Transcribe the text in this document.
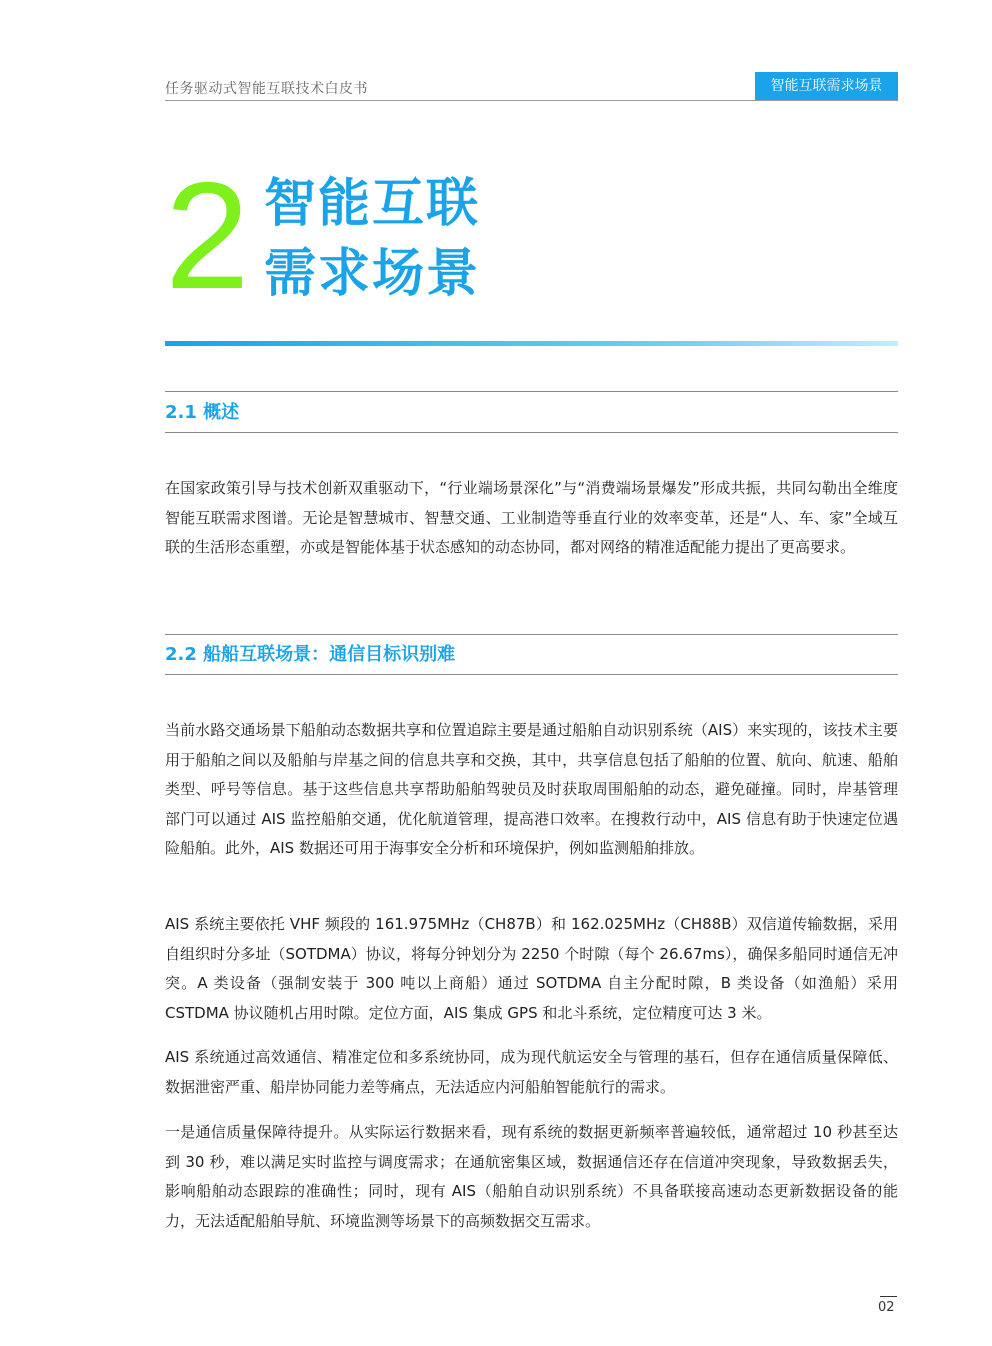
任务驱动式智能互联技术白皮书	智能互联需求场景
2 智能互联
需求场景
2.1 概述
在国家政策引导与技术创新双重驱动下，“行业端场景深化”与“消费端场景爆发”形成共振，共同勾勒出全维度智能互联需求图谱。无论是智慧城市、智慧交通、工业制造等垂直行业的效率变革，还是“人、车、家”全域互联的生活形态重塑，亦或是智能体基于状态感知的动态协同，都对网络的精准适配能力提出了更高要求。
2.2 船船互联场景：通信目标识别难
当前水路交通场景下船舶动态数据共享和位置追踪主要是通过船舶自动识别系统（AIS）来实现的，该技术主要用于船舶之间以及船舶与岸基之间的信息共享和交换，其中，共享信息包括了船舶的位置、航向、航速、船舶类型、呼号等信息。基于这些信息共享帮助船舶驾驶员及时获取周围船舶的动态，避免碰撞。同时，岸基管理部门可以通过 AIS 监控船舶交通，优化航道管理，提高港口效率。在搜救行动中，AIS 信息有助于快速定位遇险船舶。此外，AIS 数据还可用于海事安全分析和环境保护，例如监测船舶排放。
AIS 系统主要依托 VHF 频段的 161.975MHz（CH87B）和 162.025MHz（CH88B）双信道传输数据，采用自组织时分多址（SOTDMA）协议，将每分钟划分为 2250 个时隙（每个 26.67ms），确保多船同时通信无冲突。A 类设备（强制安装于 300 吨以上商船）通过 SOTDMA 自主分配时隙，B 类设备（如渔船）采用 CSTDMA 协议随机占用时隙。定位方面，AIS 集成 GPS 和北斗系统，定位精度可达 3 米。
AIS 系统通过高效通信、精准定位和多系统协同，成为现代航运安全与管理的基石，但存在通信质量保障低、数据泄密严重、船岸协同能力差等痛点，无法适应内河船舶智能航行的需求。
一是通信质量保障待提升。从实际运行数据来看，现有系统的数据更新频率普遍较低，通常超过 10 秒甚至达到 30 秒，难以满足实时监控与调度需求；在通航密集区域，数据通信还存在信道冲突现象，导致数据丢失，影响船舶动态跟踪的准确性；同时，现有 AIS（船舶自动识别系统）不具备联接高速动态更新数据设备的能力，无法适配船舶导航、环境监测等场景下的高频数据交互需求。
02
